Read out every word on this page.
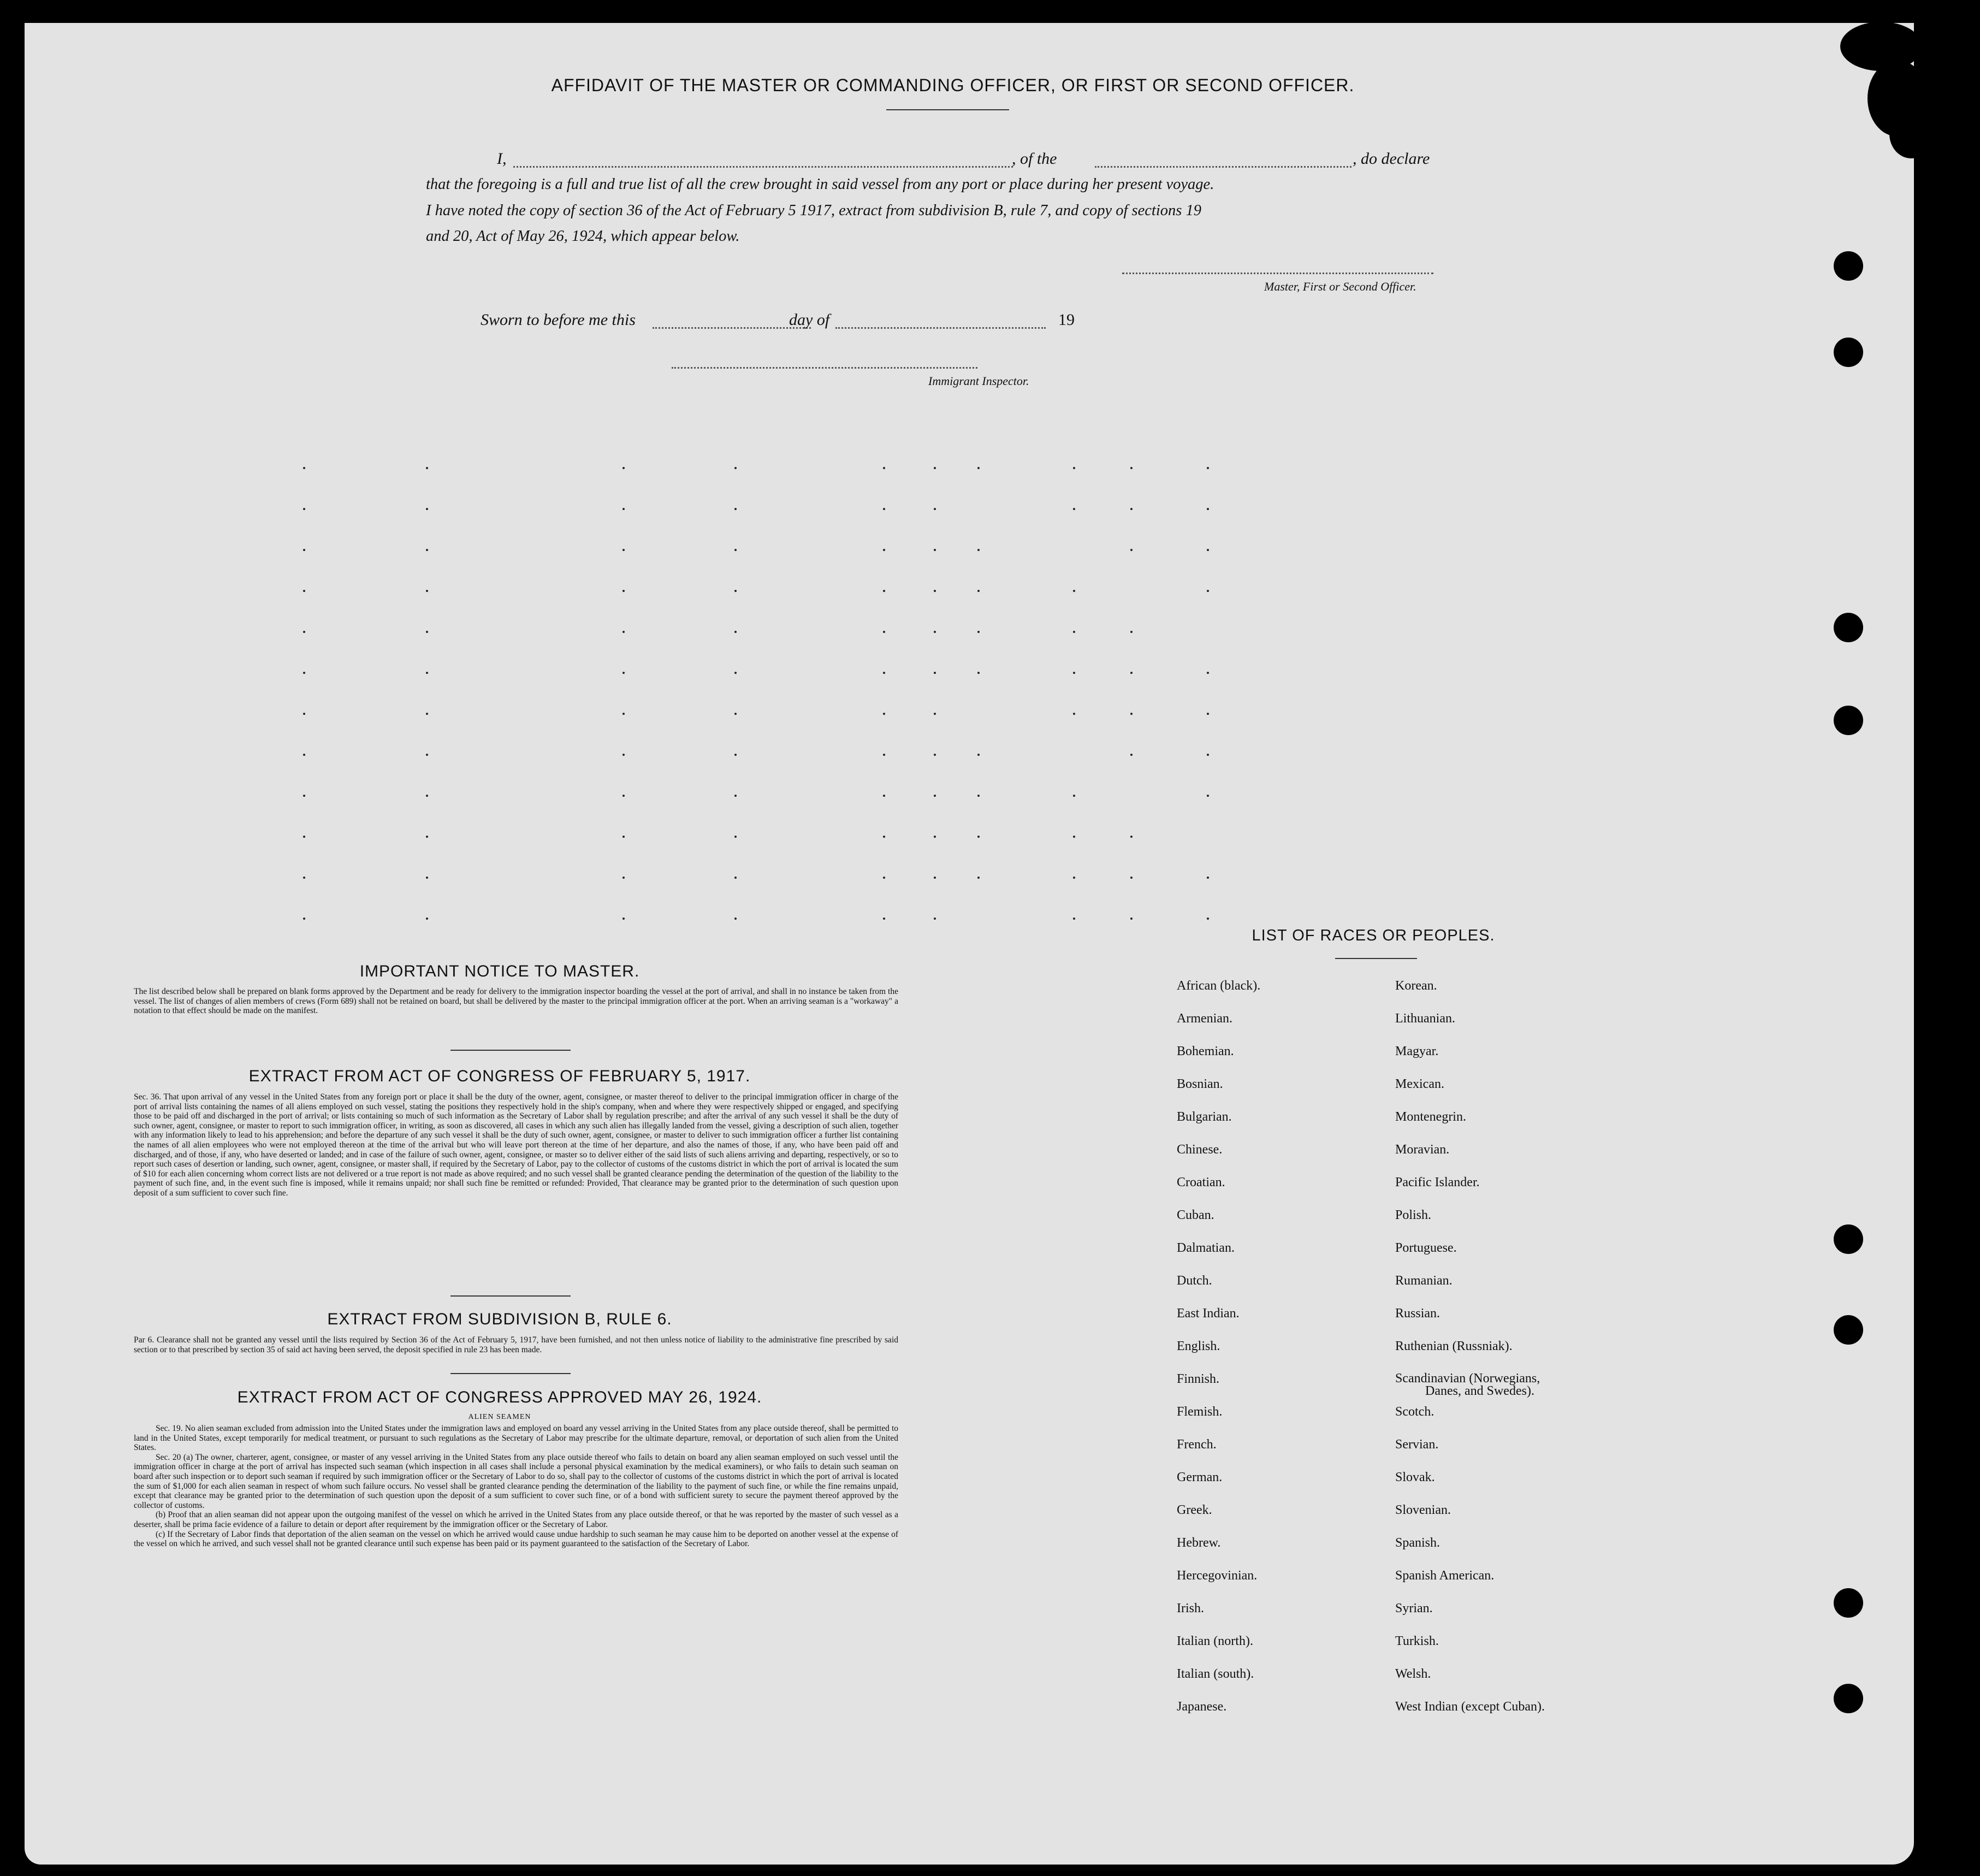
AFFIDAVIT OF THE MASTER OR COMMANDING OFFICER, OR FIRST OR SECOND OFFICER.
I,	, of the	, do declare
that the foregoing is a full and true list of all the crew brought in said vessel from any port or place during her present voyage.
I have noted the copy of section 36 of the Act of February 5 1917, extract from subdivision B, rule 7, and copy of sections 19
and 20, Act of May 26, 1924, which appear below.
Master, First or Second Officer.
Sworn to before me this	day of	19
Immigrant Inspector.
IMPORTANT NOTICE TO MASTER.
The list described below shall be prepared on blank forms approved by the Department and be ready for delivery to the immigration inspector boarding the vessel at the port of arrival, and shall in no instance be taken from the vessel. The list of changes of alien members of crews (Form 689) shall not be retained on board, but shall be delivered by the master to the principal immigration officer at the port. When an arriving seaman is a "workaway" a notation to that effect should be made on the manifest.
EXTRACT FROM ACT OF CONGRESS OF FEBRUARY 5, 1917.
Sec. 36. That upon arrival of any vessel in the United States from any foreign port or place it shall be the duty of the owner, agent, consignee, or master thereof to deliver to the principal immigration officer in charge of the port of arrival lists containing the names of all aliens employed on such vessel, stating the positions they respectively hold in the ship's company, when and where they were respectively shipped or engaged, and specifying those to be paid off and discharged in the port of arrival; or lists containing so much of such information as the Secretary of Labor shall by regulation prescribe; and after the arrival of any such vessel it shall be the duty of such owner, agent, consignee, or master to report to such immigration officer, in writing, as soon as discovered, all cases in which any such alien has illegally landed from the vessel, giving a description of such alien, together with any information likely to lead to his apprehension; and before the departure of any such vessel it shall be the duty of such owner, agent, consignee, or master to deliver to such immigration officer a further list containing the names of all alien employees who were not employed thereon at the time of the arrival but who will leave port thereon at the time of her departure, and also the names of those, if any, who have been paid off and discharged, and of those, if any, who have deserted or landed; and in case of the failure of such owner, agent, consignee, or master so to deliver either of the said lists of such aliens arriving and departing, respectively, or so to report such cases of desertion or landing, such owner, agent, consignee, or master shall, if required by the Secretary of Labor, pay to the collector of customs of the customs district in which the port of arrival is located the sum of $10 for each alien concerning whom correct lists are not delivered or a true report is not made as above required; and no such vessel shall be granted clearance pending the determination of the question of the liability to the payment of such fine, and, in the event such fine is imposed, while it remains unpaid; nor shall such fine be remitted or refunded: Provided, That clearance may be granted prior to the determination of such question upon deposit of a sum sufficient to cover such fine.
EXTRACT FROM SUBDIVISION B, RULE 6.
Par 6. Clearance shall not be granted any vessel until the lists required by Section 36 of the Act of February 5, 1917, have been furnished, and not then unless notice of liability to the administrative fine prescribed by said section or to that prescribed by section 35 of said act having been served, the deposit specified in rule 23 has been made.
EXTRACT FROM ACT OF CONGRESS APPROVED MAY 26, 1924.
ALIEN SEAMEN
Sec. 19. No alien seaman excluded from admission into the United States under the immigration laws and employed on board any vessel arriving in the United States from any place outside thereof, shall be permitted to land in the United States, except temporarily for medical treatment, or pursuant to such regulations as the Secretary of Labor may prescribe for the ultimate departure, removal, or deportation of such alien from the United States.
Sec. 20 (a) The owner, charterer, agent, consignee, or master of any vessel arriving in the United States from any place outside thereof who fails to detain on board any alien seaman employed on such vessel until the immigration officer in charge at the port of arrival has inspected such seaman (which inspection in all cases shall include a personal physical examination by the medical examiners), or who fails to detain such seaman on board after such inspection or to deport such seaman if required by such immigration officer or the Secretary of Labor to do so, shall pay to the collector of customs of the customs district in which the port of arrival is located the sum of $1,000 for each alien seaman in respect of whom such failure occurs. No vessel shall be granted clearance pending the determination of the liability to the payment of such fine, or while the fine remains unpaid, except that clearance may be granted prior to the determination of such question upon the deposit of a sum sufficient to cover such fine, or of a bond with sufficient surety to secure the payment thereof approved by the collector of customs.
(b) Proof that an alien seaman did not appear upon the outgoing manifest of the vessel on which he arrived in the United States from any place outside thereof, or that he was reported by the master of such vessel as a deserter, shall be prima facie evidence of a failure to detain or deport after requirement by the immigration officer or the Secretary of Labor.
(c) If the Secretary of Labor finds that deportation of the alien seaman on the vessel on which he arrived would cause undue hardship to such seaman he may cause him to be deported on another vessel at the expense of the vessel on which he arrived, and such vessel shall not be granted clearance until such expense has been paid or its payment guaranteed to the satisfaction of the Secretary of Labor.
LIST OF RACES OR PEOPLES.
African (black).	Korean.
Armenian.	Lithuanian.
Bohemian.	Magyar.
Bosnian.	Mexican.
Bulgarian.	Montenegrin.
Chinese.	Moravian.
Croatian.	Pacific Islander.
Cuban.	Polish.
Dalmatian.	Portuguese.
Dutch.	Rumanian.
East Indian.	Russian.
English.	Ruthenian (Russniak).
Finnish.	Scandinavian (Norwegians,
Danes, and Swedes).

Flemish.	Scotch.
French.	Servian.
German.	Slovak.
Greek.	Slovenian.
Hebrew.	Spanish.
Hercegovinian.	Spanish American.
Irish.	Syrian.
Italian (north).	Turkish.
Italian (south).	Welsh.
Japanese.	West Indian (except Cuban).
